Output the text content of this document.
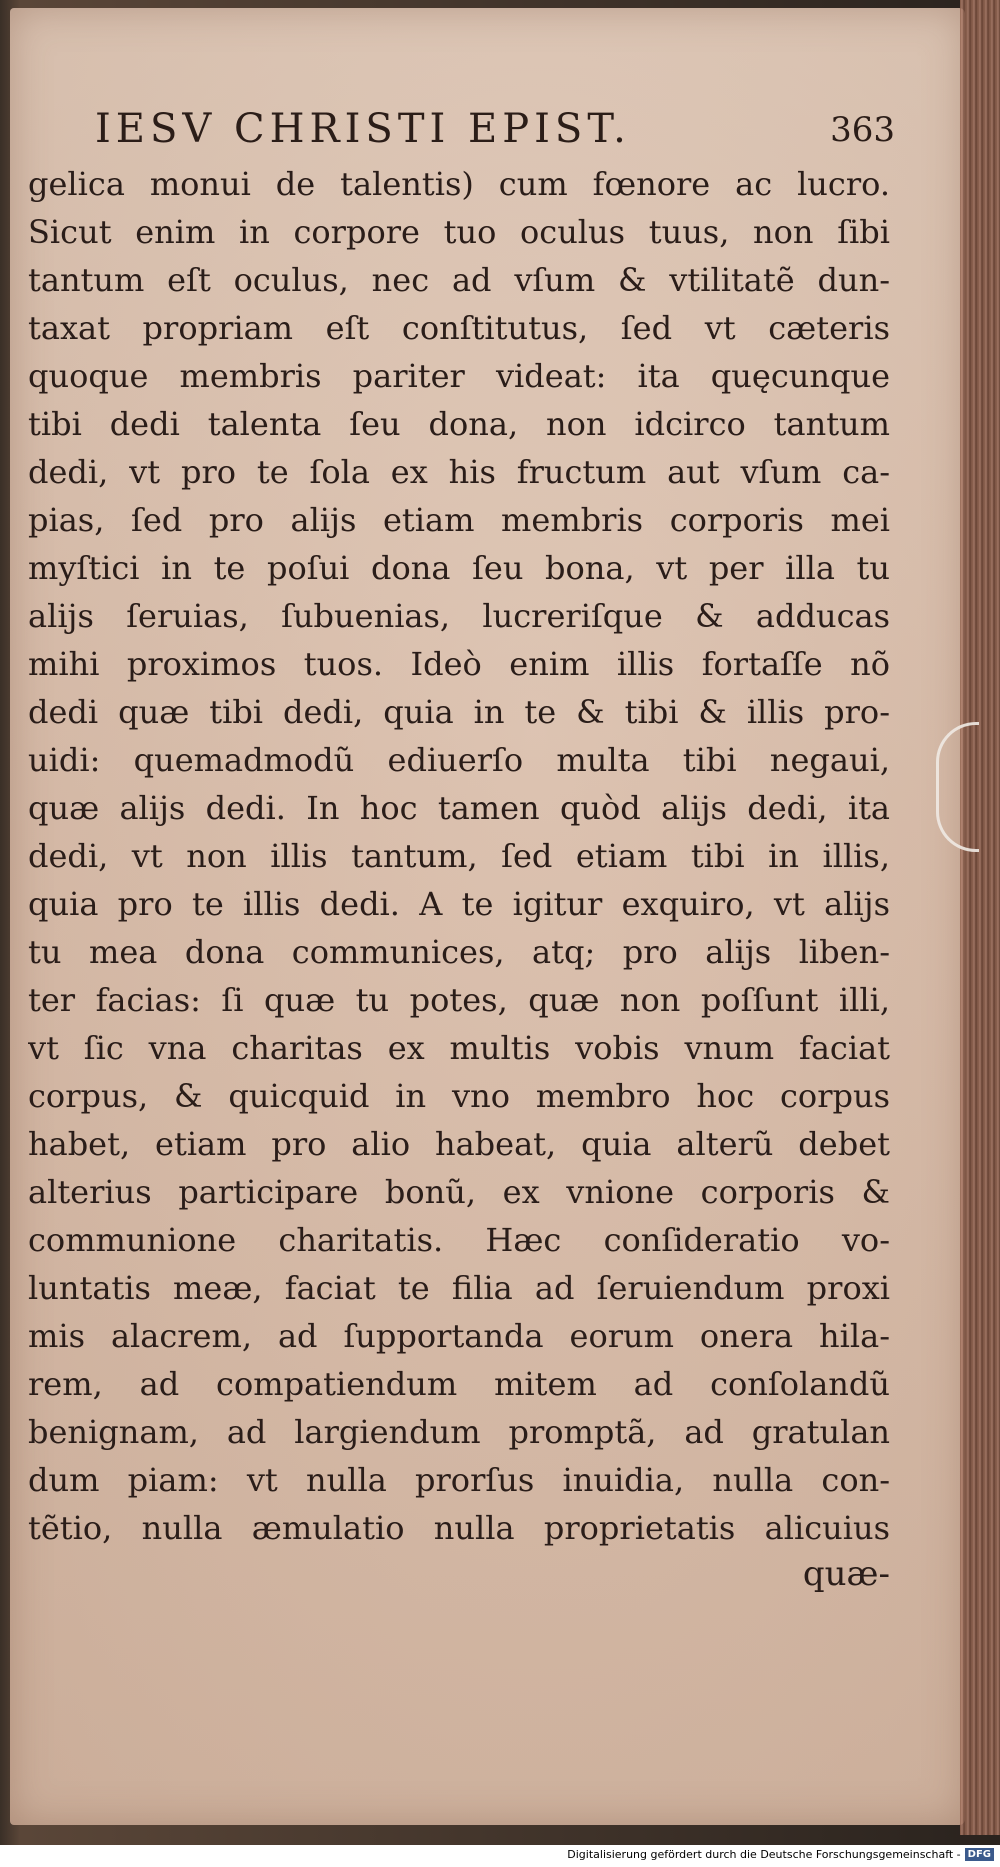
IESV CHRISTI EPIST.	363
gelica monui de talentis) cum fœnore ac lucro.
Sicut enim in corpore tuo oculus tuus, non ſibi
tantum eſt oculus, nec ad vſum & vtilitatẽ dun-
taxat propriam eſt conſtitutus, ſed vt cæteris
quoque membris pariter videat: ita quęcunque
tibi dedi talenta ſeu dona, non idcirco tantum
dedi, vt pro te ſola ex his fructum aut vſum ca-
pias, ſed pro alijs etiam membris corporis mei
myſtici in te poſui dona ſeu bona, vt per illa tu
alijs ſeruias, ſubuenias, lucreriſque & adducas
mihi proximos tuos. Ideò enim illis fortaſſe nõ
dedi quæ tibi dedi, quia in te & tibi & illis pro-
uidi: quemadmodũ ediuerſo multa tibi negaui,
quæ alijs dedi. In hoc tamen quòd alijs dedi, ita
dedi, vt non illis tantum, ſed etiam tibi in illis,
quia pro te illis dedi. A te igitur exquiro, vt alijs
tu mea dona communices, atq; pro alijs liben-
ter facias: ſi quæ tu potes, quæ non poſſunt illi,
vt ſic vna charitas ex multis vobis vnum faciat
corpus, & quicquid in vno membro hoc corpus
habet, etiam pro alio habeat, quia alterũ debet
alterius participare bonũ, ex vnione corporis &
communione charitatis. Hæc conſideratio vo-
luntatis meæ, faciat te filia ad ſeruiendum proxi
mis alacrem, ad ſupportanda eorum onera hila-
rem, ad compatiendum mitem ad conſolandũ
benignam, ad largiendum promptã, ad gratulan
dum piam: vt nulla prorſus inuidia, nulla con-
tẽtio, nulla æmulatio nulla proprietatis alicuius
quæ-
Digitalisierung gefördert durch die Deutsche Forschungsgemeinschaft - DFG
